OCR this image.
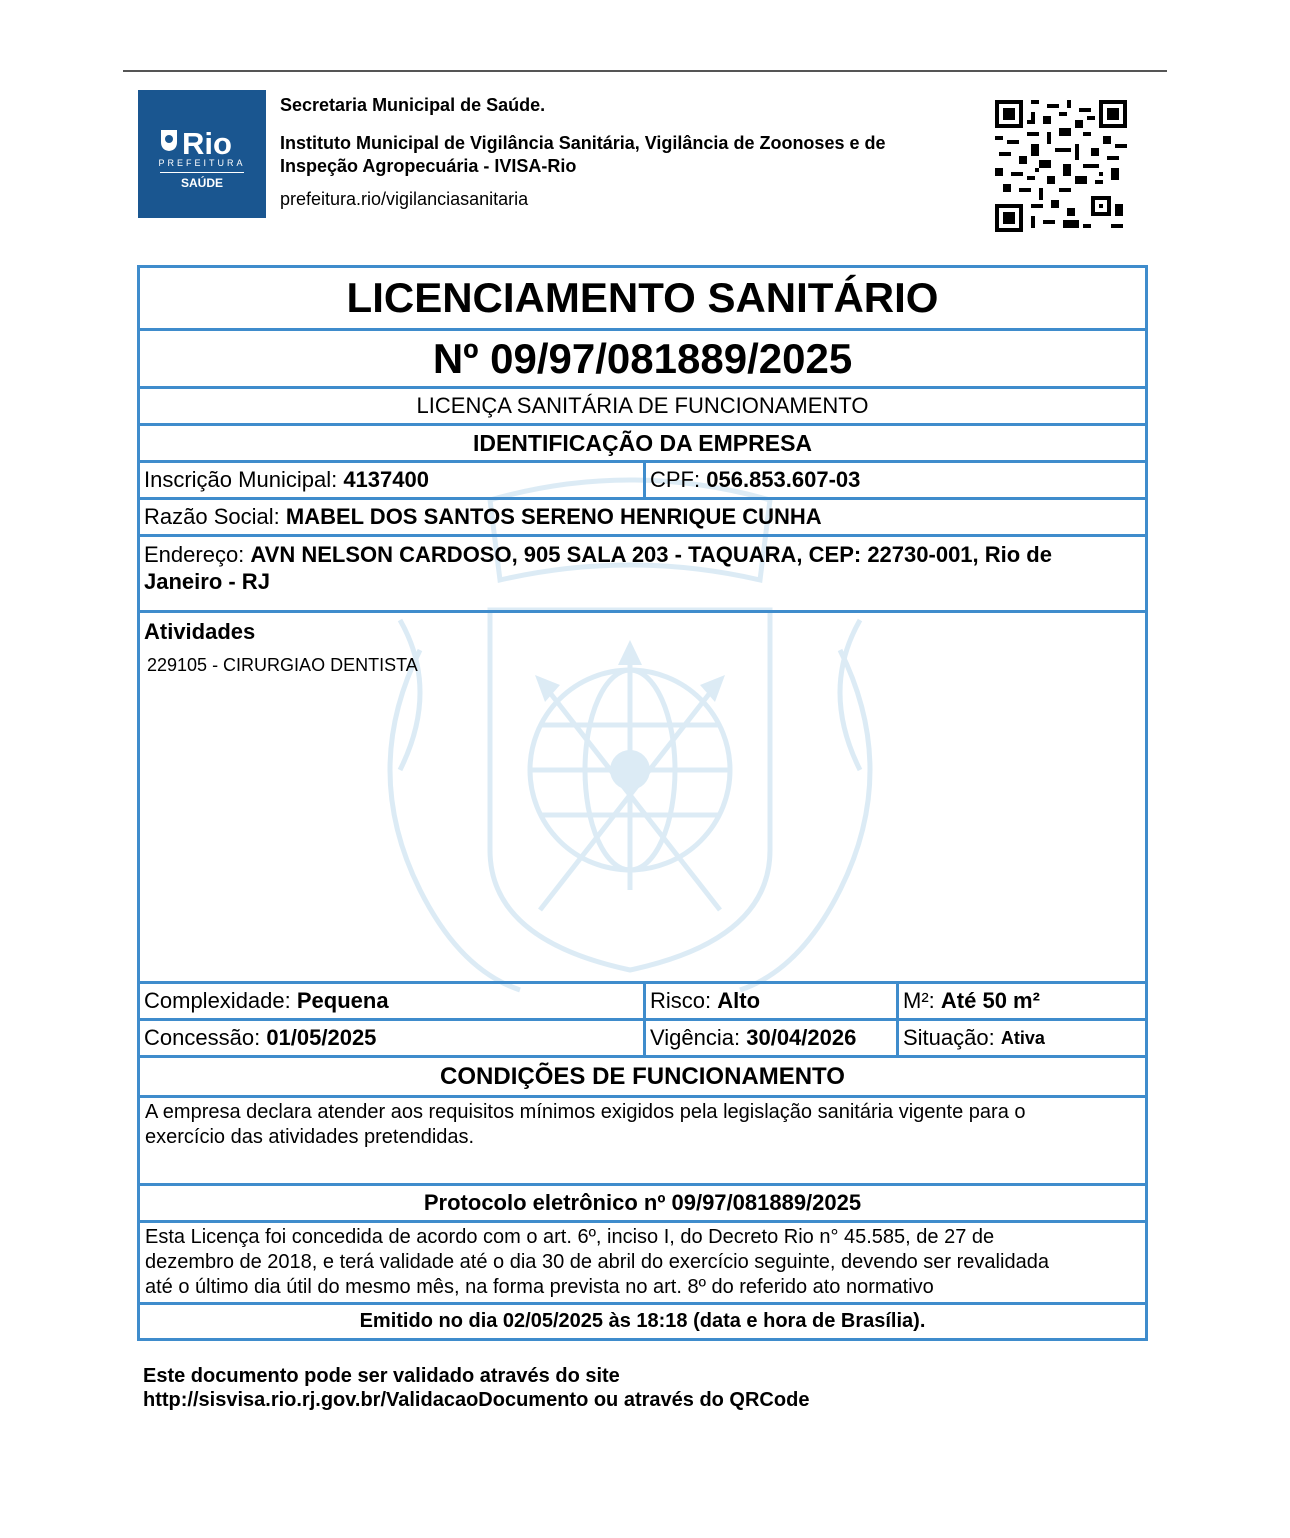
Rio
PREFEITURA
SAÚDE
Secretaria Municipal de Saúde.
Instituto Municipal de Vigilância Sanitária, Vigilância de Zoonoses e de
Inspeção Agropecuária - IVISA-Rio
prefeitura.rio/vigilanciasanitaria
LICENCIAMENTO SANITÁRIO
Nº 09/97/081889/2025
LICENÇA SANITÁRIA DE FUNCIONAMENTO
IDENTIFICAÇÃO DA EMPRESA
Inscrição Municipal:
4137400	CPF:
056.853.607-03
Razão Social:
MABEL DOS SANTOS SERENO HENRIQUE CUNHA
Endereço: AVN NELSON CARDOSO, 905 SALA 203 - TAQUARA, CEP: 22730-001, Rio de
Janeiro - RJ
Atividades
229105 - CIRURGIAO DENTISTA
Complexidade:
Pequena	Risco:
Alto	M²:
Até 50 m²
Concessão:
01/05/2025	Vigência:
30/04/2026 Situação:
Ativa
CONDIÇÕES DE FUNCIONAMENTO
A empresa declara atender aos requisitos mínimos exigidos pela legislação sanitária vigente para o
exercício das atividades pretendidas.
Protocolo eletrônico nº 09/97/081889/2025
Esta Licença foi concedida de acordo com o art. 6º, inciso I, do Decreto Rio n° 45.585, de 27 de
dezembro de 2018, e terá validade até o dia 30 de abril do exercício seguinte, devendo ser revalidada
até o último dia útil do mesmo mês, na forma prevista no art. 8º do referido ato normativo
Emitido no dia 02/05/2025 às 18:18 (data e hora de Brasília).
Este documento pode ser validado através do site
http://sisvisa.rio.rj.gov.br/ValidacaoDocumento ou através do QRCode
